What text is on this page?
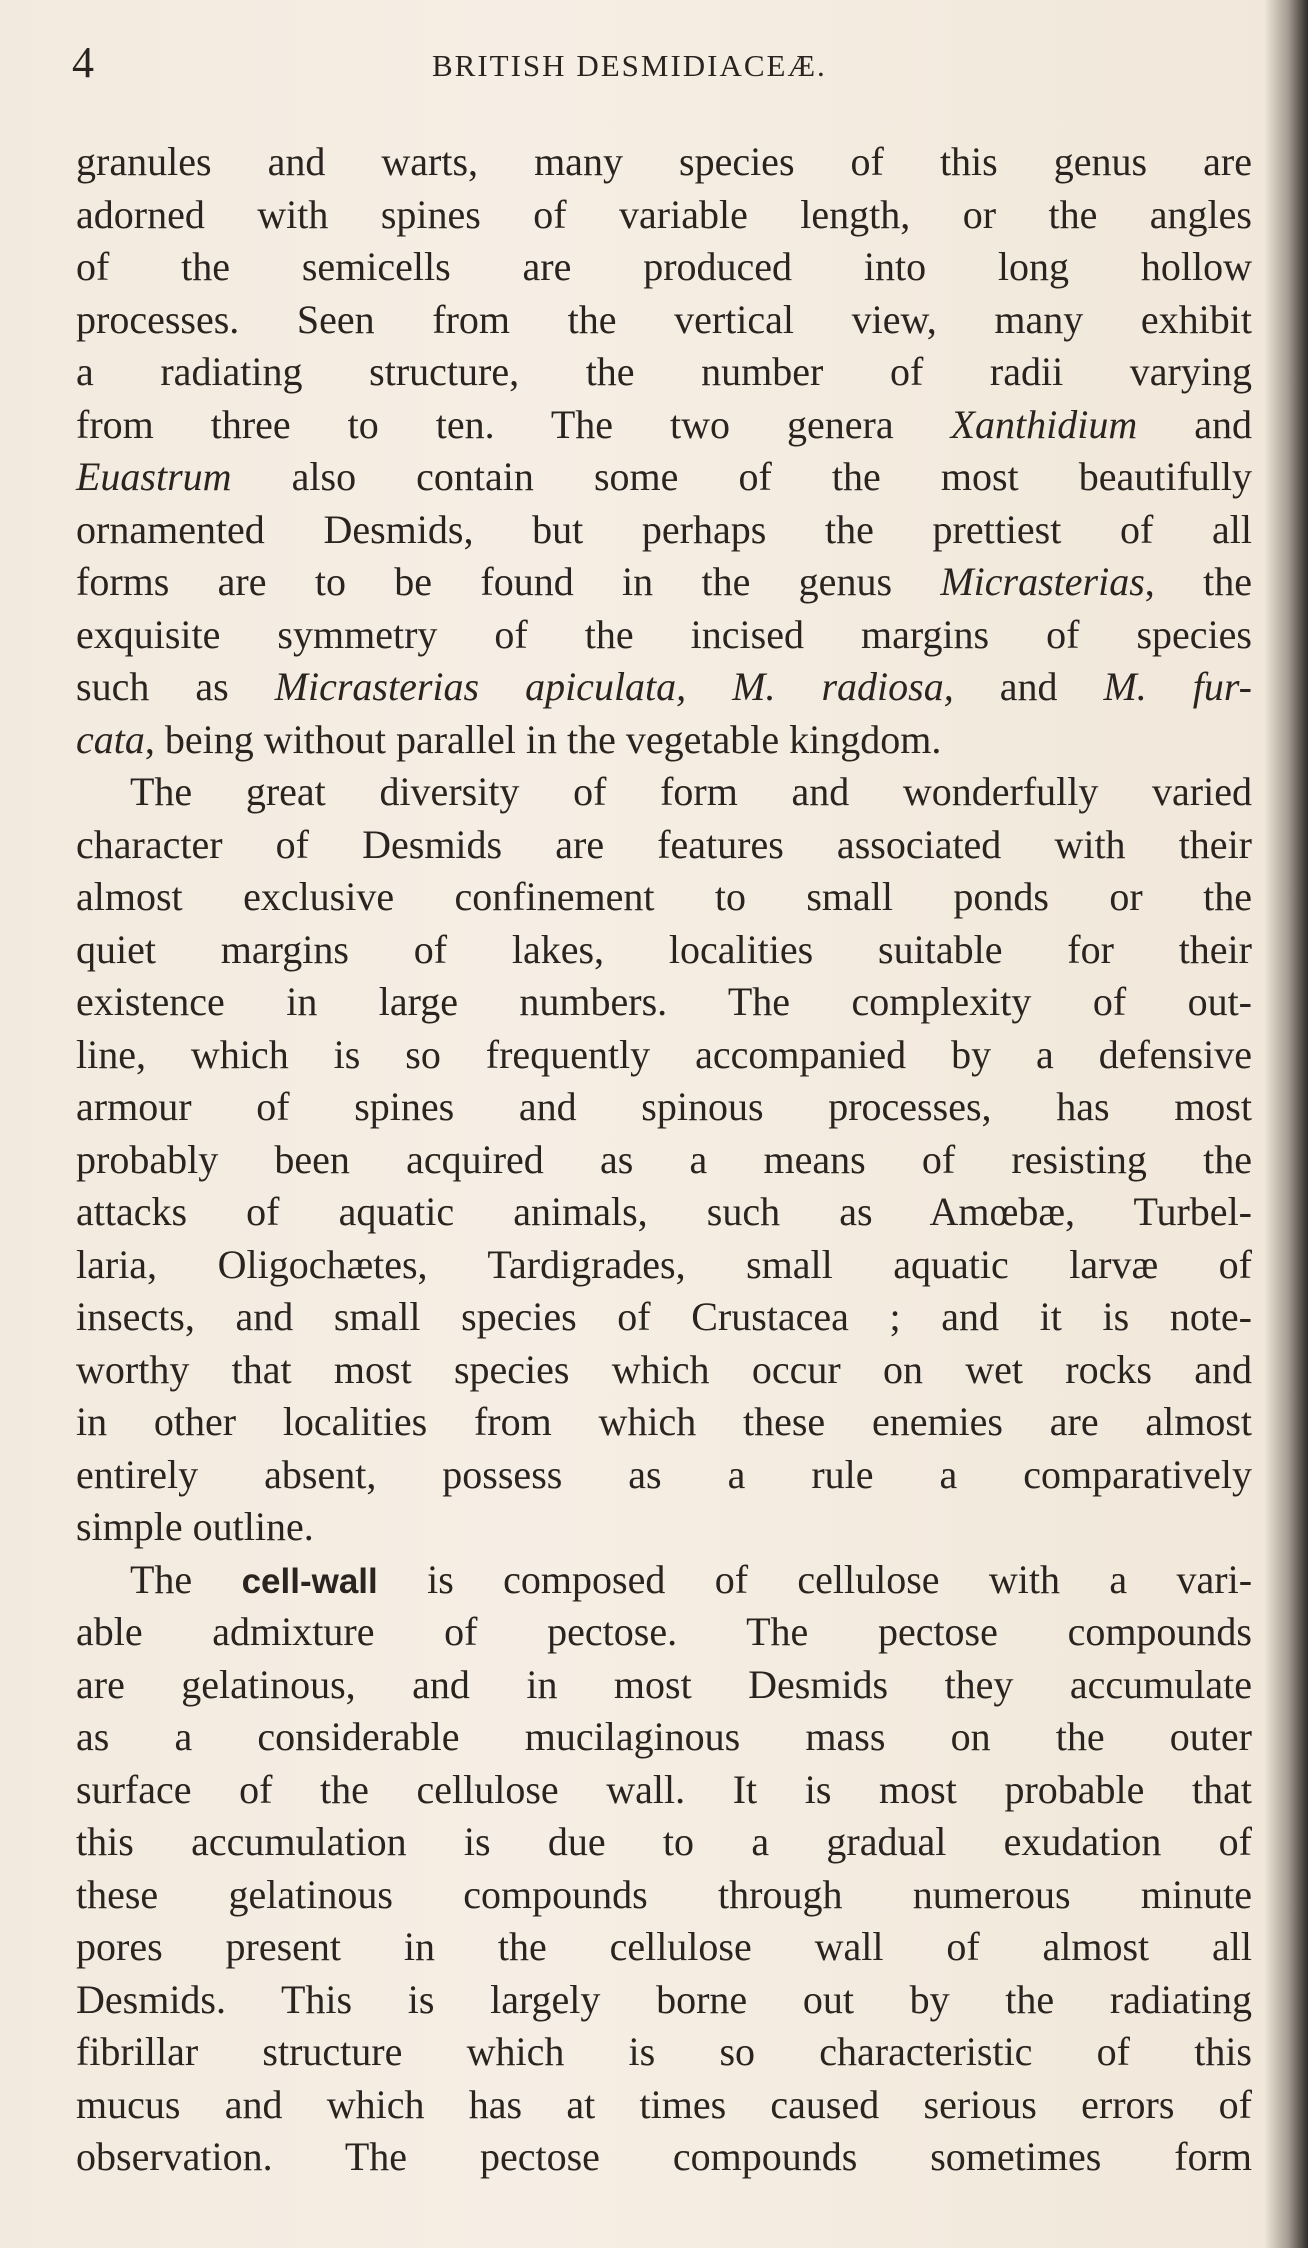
4	BRITISH DESMIDIACEÆ.
granules and warts, many species of this genus are
adorned with spines of variable length, or the angles
of the semicells are produced into long hollow
processes. Seen from the vertical view, many exhibit
a radiating structure, the number of radii varying
from three to ten. The two genera Xanthidium and
Euastrum also contain some of the most beautifully
ornamented Desmids, but perhaps the prettiest of all
forms are to be found in the genus Micrasterias, the
exquisite symmetry of the incised margins of species
such as Micrasterias apiculata, M. radiosa, and M. fur-
cata, being without parallel in the vegetable kingdom.
The great diversity of form and wonderfully varied
character of Desmids are features associated with their
almost exclusive confinement to small ponds or the
quiet margins of lakes, localities suitable for their
existence in large numbers. The complexity of out-
line, which is so frequently accompanied by a defensive
armour of spines and spinous processes, has most
probably been acquired as a means of resisting the
attacks of aquatic animals, such as Amœbæ, Turbel-
laria, Oligochætes, Tardigrades, small aquatic larvæ of
insects, and small species of Crustacea ; and it is note-
worthy that most species which occur on wet rocks and
in other localities from which these enemies are almost
entirely absent, possess as a rule a comparatively
simple outline.
The cell-wall is composed of cellulose with a vari-
able admixture of pectose. The pectose compounds
are gelatinous, and in most Desmids they accumulate
as a considerable mucilaginous mass on the outer
surface of the cellulose wall. It is most probable that
this accumulation is due to a gradual exudation of
these gelatinous compounds through numerous minute
pores present in the cellulose wall of almost all
Desmids. This is largely borne out by the radiating
fibrillar structure which is so characteristic of this
mucus and which has at times caused serious errors of
observation. The pectose compounds sometimes form
